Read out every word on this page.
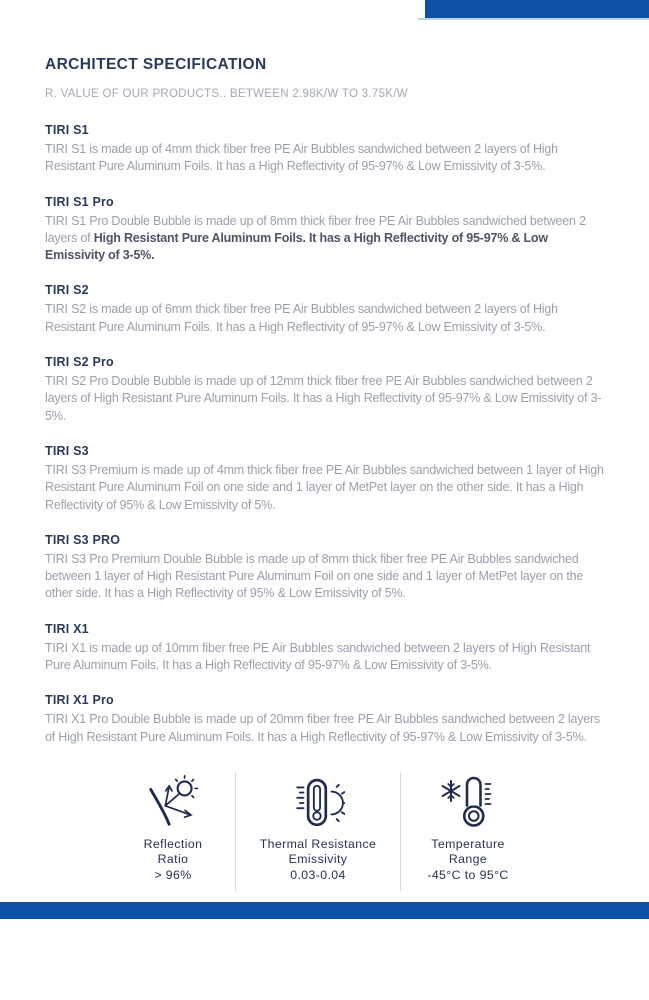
ARCHITECT SPECIFICATION

R. VALUE OF OUR PRODUCTS.. BETWEEN 2.98K/W TO 3.75K/W

TIRI S1

TIRI S1 is made up of 4mm thick fiber free PE Air Bubbles sandwiched between 2 layers of High Resistant Pure Aluminum Foils. It has a High Reflectivity of 95-97% & Low Emissivity of 3-5%.

TIRI S1 Pro

TIRI S1 Pro Double Bubble is made up of 8mm thick fiber free PE Air Bubbles sandwiched between 2 layers of High Resistant Pure Aluminum Foils. It has a High Reflectivity of 95-97% & Low Emissivity of 3-5%.

TIRI S2

TIRI S2 is made up of 6mm thick fiber free PE Air Bubbles sandwiched between 2 layers of High Resistant Pure Aluminum Foils. It has a High Reflectivity of 95-97% & Low Emissivity of 3-5%.

TIRI S2 Pro

TIRI S2 Pro Double Bubble is made up of 12mm thick fiber free PE Air Bubbles sandwiched between 2 layers of High Resistant Pure Aluminum Foils. It has a High Reflectivity of 95-97% & Low Emissivity of 3-5%.

TIRI S3

TIRI S3 Premium is made up of 4mm thick fiber free PE Air Bubbles sandwiched between 1 layer of High Resistant Pure Aluminum Foil on one side and 1 layer of MetPet layer on the other side. It has a High Reflectivity of 95% & Low Emissivity of 5%.

TIRI S3 PRO

TIRI S3 Pro Premium Double Bubble is made up of 8mm thick fiber free PE Air Bubbles sandwiched between 1 layer of High Resistant Pure Aluminum Foil on one side and 1 layer of MetPet layer on the other side. It has a High Reflectivity of 95% & Low Emissivity of 5%.

TIRI X1

TIRI X1 is made up of 10mm fiber free PE Air Bubbles sandwiched between 2 layers of High Resistant Pure Aluminum Foils. It has a High Reflectivity of 95-97% & Low Emissivity of 3-5%.

TIRI X1 Pro

TIRI X1 Pro Double Bubble is made up of 20mm fiber free PE Air Bubbles sandwiched between 2 layers of High Resistant Pure Aluminum Foils. It has a High Reflectivity of 95-97% & Low Emissivity of 3-5%.

Reflection
Ratio
> 96%
Thermal Resistance
Emissivity
0.03-0.04
Temperature
Range
-45°C to 95°C
